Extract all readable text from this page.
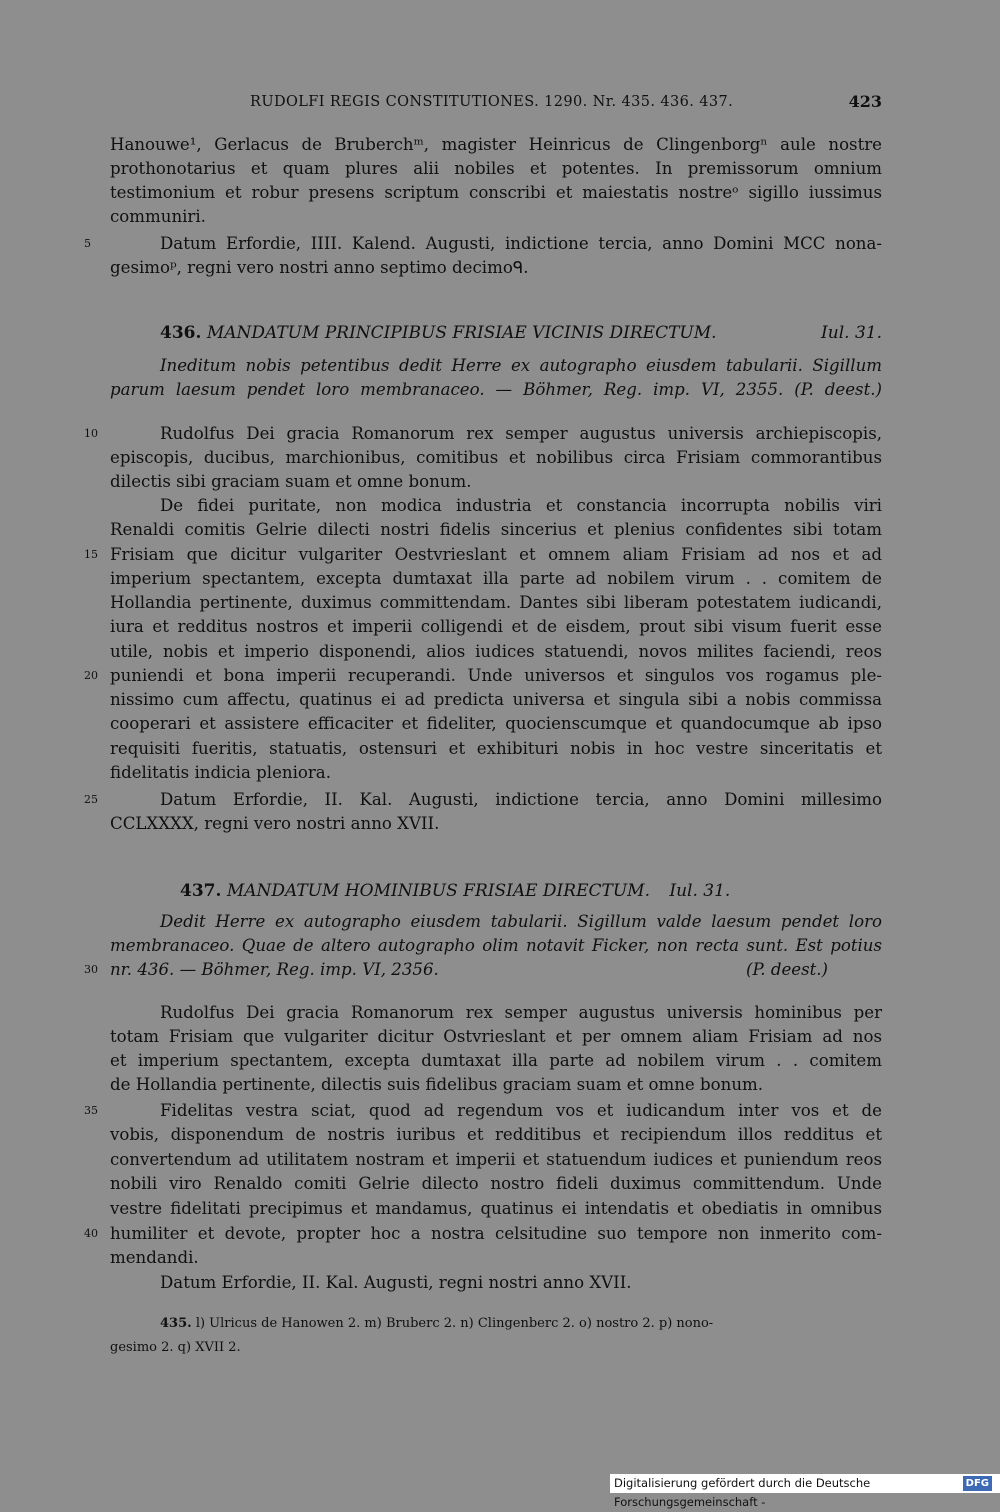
RUDOLFI REGIS CONSTITUTIONES. 1290. Nr. 435. 436. 437.	423
Hanouwe¹, Gerlacus de Bruberchᵐ, magister Heinricus de Clingenborgⁿ aule nostre
prothonotarius et quam plures alii nobiles et potentes. In premissorum omnium
testimonium et robur presens scriptum conscribi et maiestatis nostreᵒ sigillo iussimus
communiri.
5	Datum Erfordie, IIII. Kalend. Augusti, indictione tercia, anno Domini MCC nona-
gesimoᵖ, regni vero nostri anno septimo decimoᑫ.
436. MANDATUM PRINCIPIBUS FRISIAE VICINIS DIRECTUM.	Iul. 31.
Ineditum nobis petentibus dedit Herre ex autographo eiusdem tabularii. Sigillum
parum laesum pendet loro membranaceo. — Böhmer, Reg. imp. VI, 2355. (P. deest.)
10	Rudolfus Dei gracia Romanorum rex semper augustus universis archiepiscopis,
episcopis, ducibus, marchionibus, comitibus et nobilibus circa Frisiam commorantibus
dilectis sibi graciam suam et omne bonum.
De fidei puritate, non modica industria et constancia incorrupta nobilis viri
Renaldi comitis Gelrie dilecti nostri fidelis sincerius et plenius confidentes sibi totam
15 Frisiam que dicitur vulgariter Oestvrieslant et omnem aliam Frisiam ad nos et ad
imperium spectantem, excepta dumtaxat illa parte ad nobilem virum . . comitem de
Hollandia pertinente, duximus committendam. Dantes sibi liberam potestatem iudicandi,
iura et redditus nostros et imperii colligendi et de eisdem, prout sibi visum fuerit esse
utile, nobis et imperio disponendi, alios iudices statuendi, novos milites faciendi, reos
20 puniendi et bona imperii recuperandi. Unde universos et singulos vos rogamus ple-
nissimo cum affectu, quatinus ei ad predicta universa et singula sibi a nobis commissa
cooperari et assistere efficaciter et fideliter, quocienscumque et quandocumque ab ipso
requisiti fueritis, statuatis, ostensuri et exhibituri nobis in hoc vestre sinceritatis et
fidelitatis indicia pleniora.
25	Datum Erfordie, II. Kal. Augusti, indictione tercia, anno Domini millesimo
CCLXXXX, regni vero nostri anno XVII.
437. MANDATUM HOMINIBUS FRISIAE DIRECTUM. Iul. 31.
Dedit Herre ex autographo eiusdem tabularii. Sigillum valde laesum pendet loro
membranaceo. Quae de altero autographo olim notavit Ficker, non recta sunt. Est potius
30 nr. 436. — Böhmer, Reg. imp. VI, 2356.	(P. deest.)
Rudolfus Dei gracia Romanorum rex semper augustus universis hominibus per
totam Frisiam que vulgariter dicitur Ostvrieslant et per omnem aliam Frisiam ad nos
et imperium spectantem, excepta dumtaxat illa parte ad nobilem virum . . comitem
de Hollandia pertinente, dilectis suis fidelibus graciam suam et omne bonum.
35	Fidelitas vestra sciat, quod ad regendum vos et iudicandum inter vos et de
vobis, disponendum de nostris iuribus et redditibus et recipiendum illos redditus et
convertendum ad utilitatem nostram et imperii et statuendum iudices et puniendum reos
nobili viro Renaldo comiti Gelrie dilecto nostro fideli duximus committendum. Unde
vestre fidelitati precipimus et mandamus, quatinus ei intendatis et obediatis in omnibus
40 humiliter et devote, propter hoc a nostra celsitudine suo tempore non inmerito com-
mendandi.
Datum Erfordie, II. Kal. Augusti, regni nostri anno XVII.
435. l) Ulricus de Hanowen 2. m) Bruberc 2. n) Clingenberc 2. o) nostro 2. p) nono-
gesimo 2. q) XVII 2.
Digitalisierung gefördert durch die Deutsche Forschungsgemeinschaft -
DFG
